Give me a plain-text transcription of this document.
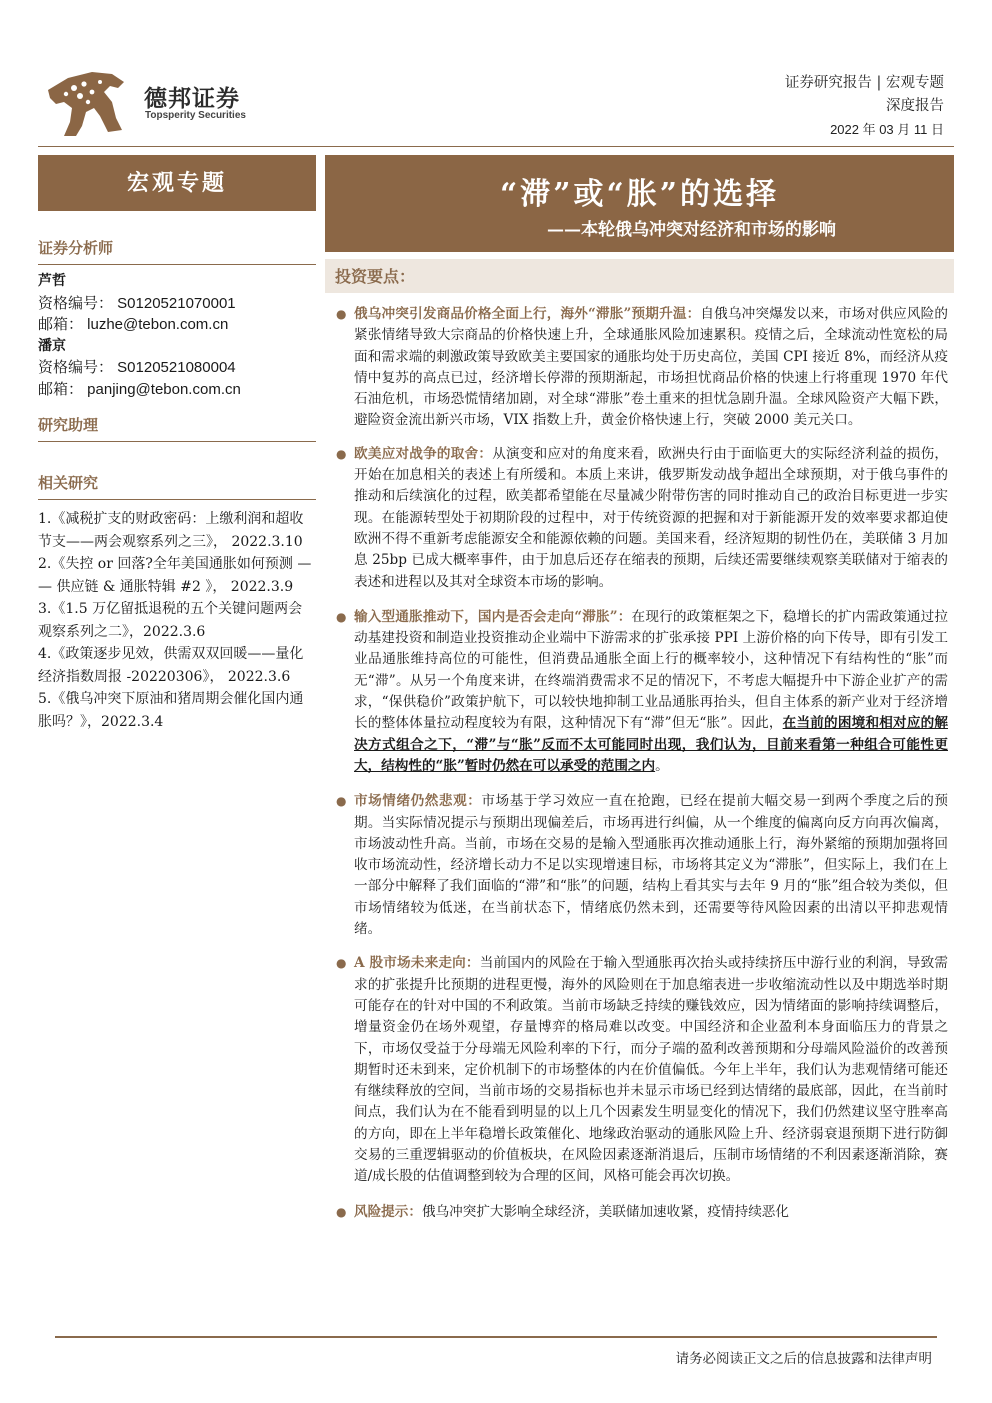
德邦证券
Topsperity Securities
证券研究报告 | 宏观专题
深度报告
2022 年 03 月 11 日
宏观专题
证券分析师
芦哲
资格编号： S0120521070001
邮箱： luzhe@tebon.com.cn
潘京
资格编号： S0120521080004
邮箱： panjing@tebon.com.cn
研究助理
相关研究
1.《减税扩支的财政密码：上缴利润和超收节支——两会观察系列之三》， 2022.3.10
2.《失控 or 回落?全年美国通胀如何预测 — — 供应链 & 通胀特辑 #2 》， 2022.3.9
3.《1.5 万亿留抵退税的五个关键问题两会观察系列之二》，2022.3.6
4.《政策逐步见效，供需双双回暖——量化经济指数周报 -20220306》， 2022.3.6
5.《俄乌冲突下原油和猪周期会催化国内通胀吗？》，2022.3.4
“滞”或“胀”的选择
——本轮俄乌冲突对经济和市场的影响
投资要点：
● 俄乌冲突引发商品价格全面上行，海外“滞胀”预期升温：自俄乌冲突爆发以来，市场对供应风险的紧张情绪导致大宗商品的价格快速上升，全球通胀风险加速累积。疫情之后，全球流动性宽松的局面和需求端的刺激政策导致欧美主要国家的通胀均处于历史高位，美国 CPI 接近 8%，而经济从疫情中复苏的高点已过，经济增长停滞的预期渐起，市场担忧商品价格的快速上行将重现 1970 年代石油危机，市场恐慌情绪加剧，对全球“滞胀”卷土重来的担忧急剧升温。全球风险资产大幅下跌，避险资金流出新兴市场，VIX 指数上升，黄金价格快速上行，突破 2000 美元关口。
● 欧美应对战争的取舍：从演变和应对的角度来看，欧洲央行由于面临更大的实际经济利益的损伤，开始在加息相关的表述上有所缓和。本质上来讲，俄罗斯发动战争超出全球预期，对于俄乌事件的推动和后续演化的过程，欧美都希望能在尽量减少附带伤害的同时推动自己的政治目标更进一步实现。在能源转型处于初期阶段的过程中，对于传统资源的把握和对于新能源开发的效率要求都迫使欧洲不得不重新考虑能源安全和能源依赖的问题。美国来看，经济短期的韧性仍在，美联储 3 月加息 25bp 已成大概率事件，由于加息后还存在缩表的预期，后续还需要继续观察美联储对于缩表的表述和进程以及其对全球资本市场的影响。
● 输入型通胀推动下，国内是否会走向“滞胀”：在现行的政策框架之下，稳增长的扩内需政策通过拉动基建投资和制造业投资推动企业端中下游需求的扩张承接 PPI 上游价格的向下传导，即有引发工业品通胀维持高位的可能性，但消费品通胀全面上行的概率较小，这种情况下有结构性的“胀”而无“滞”。从另一个角度来讲，在终端消费需求不足的情况下，不考虑大幅提升中下游企业扩产的需求，“保供稳价”政策护航下，可以较快地抑制工业品通胀再抬头，但自主体系的新产业对于经济增长的整体体量拉动程度较为有限，这种情况下有“滞”但无“胀”。因此，在当前的困境和相对应的解决方式组合之下，“滞”与“胀”反而不太可能同时出现，我们认为，目前来看第一种组合可能性更大，结构性的“胀”暂时仍然在可以承受的范围之内。
● 市场情绪仍然悲观：市场基于学习效应一直在抢跑，已经在提前大幅交易一到两个季度之后的预期。当实际情况提示与预期出现偏差后，市场再进行纠偏，从一个维度的偏离向反方向再次偏离，市场波动性升高。当前，市场在交易的是输入型通胀再次推动通胀上行，海外紧缩的预期加强将回收市场流动性，经济增长动力不足以实现增速目标，市场将其定义为“滞胀”，但实际上，我们在上一部分中解释了我们面临的“滞”和“胀”的问题，结构上看其实与去年 9 月的“胀”组合较为类似，但市场情绪较为低迷，在当前状态下，情绪底仍然未到，还需要等待风险因素的出清以平抑悲观情绪。
● A 股市场未来走向：当前国内的风险在于输入型通胀再次抬头或持续挤压中游行业的利润，导致需求的扩张提升比预期的进程更慢，海外的风险则在于加息缩表进一步收缩流动性以及中期选举时期可能存在的针对中国的不利政策。当前市场缺乏持续的赚钱效应，因为情绪面的影响持续调整后，增量资金仍在场外观望，存量博弈的格局难以改变。中国经济和企业盈利本身面临压力的背景之下，市场仅受益于分母端无风险利率的下行，而分子端的盈利改善预期和分母端风险溢价的改善预期暂时还未到来，定价机制下的市场整体的内在价值偏低。今年上半年，我们认为悲观情绪可能还有继续释放的空间，当前市场的交易指标也并未显示市场已经到达情绪的最底部，因此，在当前时间点，我们认为在不能看到明显的以上几个因素发生明显变化的情况下，我们仍然建议坚守胜率高的方向，即在上半年稳增长政策催化、地缘政治驱动的通胀风险上升、经济弱衰退预期下进行防御交易的三重逻辑驱动的价值板块，在风险因素逐渐消退后，压制市场情绪的不利因素逐渐消除，赛道/成长股的估值调整到较为合理的区间，风格可能会再次切换。
● 风险提示：俄乌冲突扩大影响全球经济，美联储加速收紧，疫情持续恶化
请务必阅读正文之后的信息披露和法律声明
